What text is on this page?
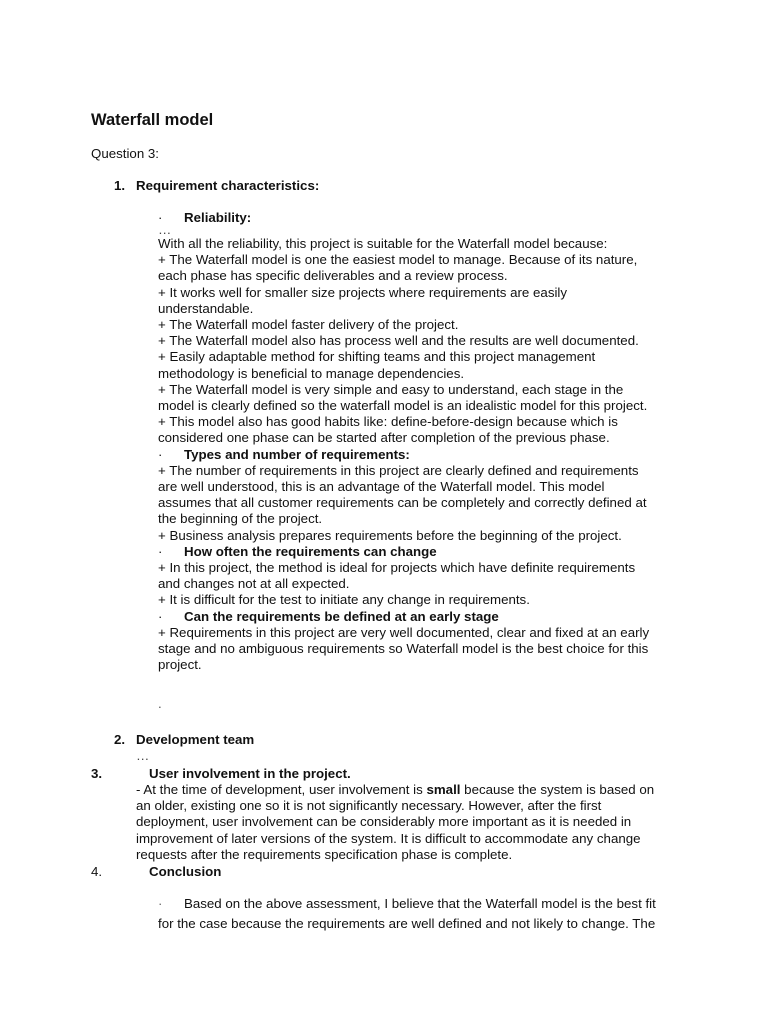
Waterfall model
Question 3:
1. Requirement characteristics:
· Reliability:
…
With all the reliability, this project is suitable for the Waterfall model because:
+ The Waterfall model is one the easiest model to manage. Because of its nature,
each phase has specific deliverables and a review process.
+ It works well for smaller size projects where requirements are easily
understandable.
+ The Waterfall model faster delivery of the project.
+ The Waterfall model also has process well and the results are well documented.
+ Easily adaptable method for shifting teams and this project management
methodology is beneficial to manage dependencies.
+ The Waterfall model is very simple and easy to understand, each stage in the
model is clearly defined so the waterfall model is an idealistic model for this project.
+ This model also has good habits like: define-before-design because which is
considered one phase can be started after completion of the previous phase.
· Types and number of requirements:
+ The number of requirements in this project are clearly defined and requirements
are well understood, this is an advantage of the Waterfall model. This model
assumes that all customer requirements can be completely and correctly defined at
the beginning of the project.
+ Business analysis prepares requirements before the beginning of the project.
· How often the requirements can change
+ In this project, the method is ideal for projects which have definite requirements
and changes not at all expected.
+ It is difficult for the test to initiate any change in requirements.
· Can the requirements be defined at an early stage
+ Requirements in this project are very well documented, clear and fixed at an early
stage and no ambiguous requirements so Waterfall model is the best choice for this
project.
.
2. Development team
…
3.	User involvement in the project.
- At the time of development, user involvement is small because the system is based on
an older, existing one so it is not significantly necessary. However, after the first
deployment, user involvement can be considerably more important as it is needed in
improvement of later versions of the system. It is difficult to accommodate any change
requests after the requirements specification phase is complete.
4.	Conclusion
· Based on the above assessment, I believe that the Waterfall model is the best fit
for the case because the requirements are well defined and not likely to change. The
